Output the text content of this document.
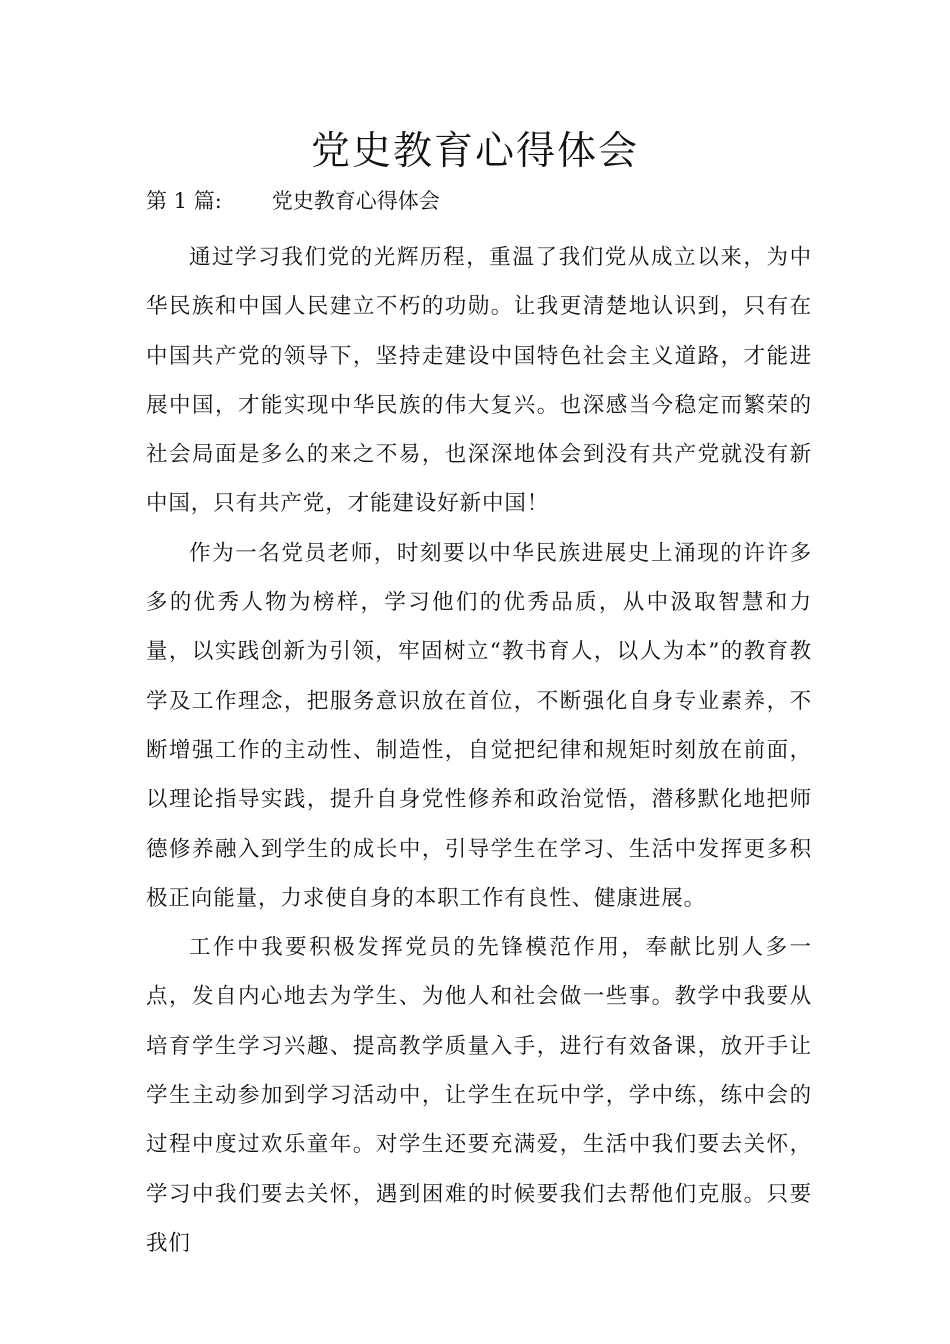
党史教育心得体会
第 1 篇: 党史教育心得体会

通过学习我们党的光辉历程，重温了我们党从成立以来，为中华民族和中国人民建立不朽的功勋。让我更清楚地认识到，只有在中国共产党的领导下，坚持走建设中国特色社会主义道路，才能进展中国，才能实现中华民族的伟大复兴。也深感当今稳定而繁荣的社会局面是多么的来之不易，也深深地体会到没有共产党就没有新中国，只有共产党，才能建设好新中国！

作为一名党员老师，时刻要以中华民族进展史上涌现的许许多多的优秀人物为榜样，学习他们的优秀品质，从中汲取智慧和力量，以实践创新为引领，牢固树立“教书育人，以人为本”的教育教学及工作理念，把服务意识放在首位，不断强化自身专业素养，不断增强工作的主动性、制造性，自觉把纪律和规矩时刻放在前面，以理论指导实践，提升自身党性修养和政治觉悟，潜移默化地把师德修养融入到学生的成长中，引导学生在学习、生活中发挥更多积极正向能量，力求使自身的本职工作有良性、健康进展。

工作中我要积极发挥党员的先锋模范作用，奉献比别人多一点，发自内心地去为学生、为他人和社会做一些事。教学中我要从培育学生学习兴趣、提高教学质量入手，进行有效备课，放开手让学生主动参加到学习活动中，让学生在玩中学，学中练，练中会的过程中度过欢乐童年。对学生还要充满爱，生活中我们要去关怀，学习中我们要去关怀，遇到困难的时候要我们去帮他们克服。只要我们
